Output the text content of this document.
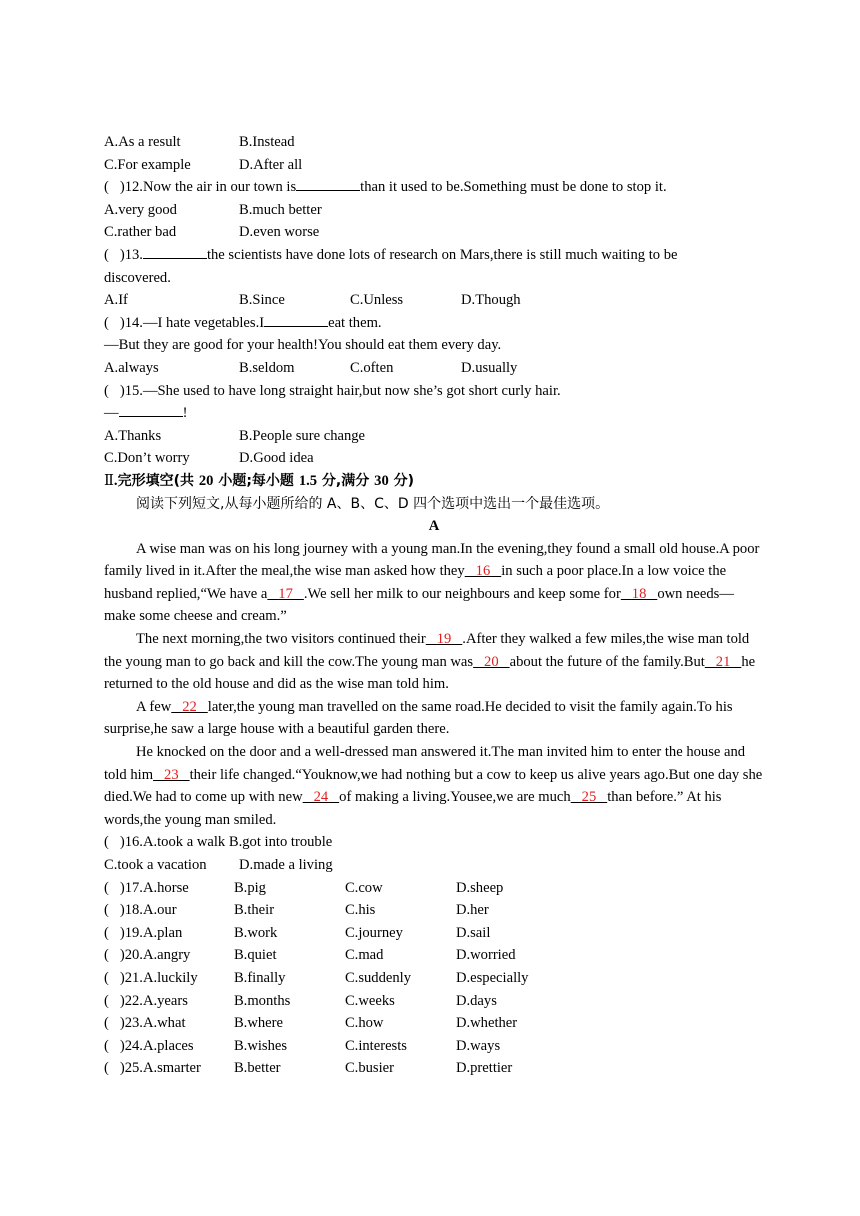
A.As a result	B.Instead
C.For example	D.After all
( )12.Now the air in our town is	than it used to be.Something must be done to stop it.
A.very good	B.much better
C.rather bad	D.even worse
( )13.	the scientists have done lots of research on Mars,there is still much waiting to be
discovered.
A.If	B.Since	C.Unless	D.Though
( )14.—I hate vegetables.I	eat them.
—But they are good for your health!You should eat them every day.
A.always	B.seldom	C.often	D.usually
( )15.—She used to have long straight hair,but now she’s got short curly hair.
—	!
A.Thanks	B.People sure change
C.Don’t worry	D.Good idea
Ⅱ.完形填空(共 20 小题;每小题 1.5 分,满分 30 分)
阅读下列短文,从每小题所给的 A、B、C、D 四个选项中选出一个最佳选项。
A
A wise man was on his long journey with a young man.In the evening,they found a small old house.A poor family lived in it.After the meal,the wise man asked how they 16 in such a poor place.In a low voice the husband replied,“We have a 17 .We sell her milk to our neighbours and keep some for 18 own needs—make some cheese and cream.”
The next morning,the two visitors continued their 19 .After they walked a few miles,the wise man told the young man to go back and kill the cow.The young man was 20 about the future of the family.But 21 he returned to the old house and did as the wise man told him.
A few 22 later,the young man travelled on the same road.He decided to visit the family again.To his surprise,he saw a large house with a beautiful garden there.
He knocked on the door and a well-dressed man answered it.The man invited him to enter the house and told him 23 their life changed.“Youknow,we had nothing but a cow to keep us alive years ago.But one day she died.We had to come up with new 24 of making a living.Yousee,we are much 25 than before.” At his words,the young man smiled.
( )16.A.took a walk B.got into trouble
C.took a vacation D.made a living
( )17.A.horse	B.pig	C.cow	D.sheep
( )18.A.our	B.their	C.his	D.her
( )19.A.plan	B.work	C.journey	D.sail
( )20.A.angry	B.quiet	C.mad	D.worried
( )21.A.luckily B.finally	C.suddenly	D.especially
( )22.A.years	B.months	C.weeks	D.days
( )23.A.what	B.where	C.how	D.whether
( )24.A.places	B.wishes	C.interests	D.ways
( )25.A.smarter B.better	C.busier	D.prettier
